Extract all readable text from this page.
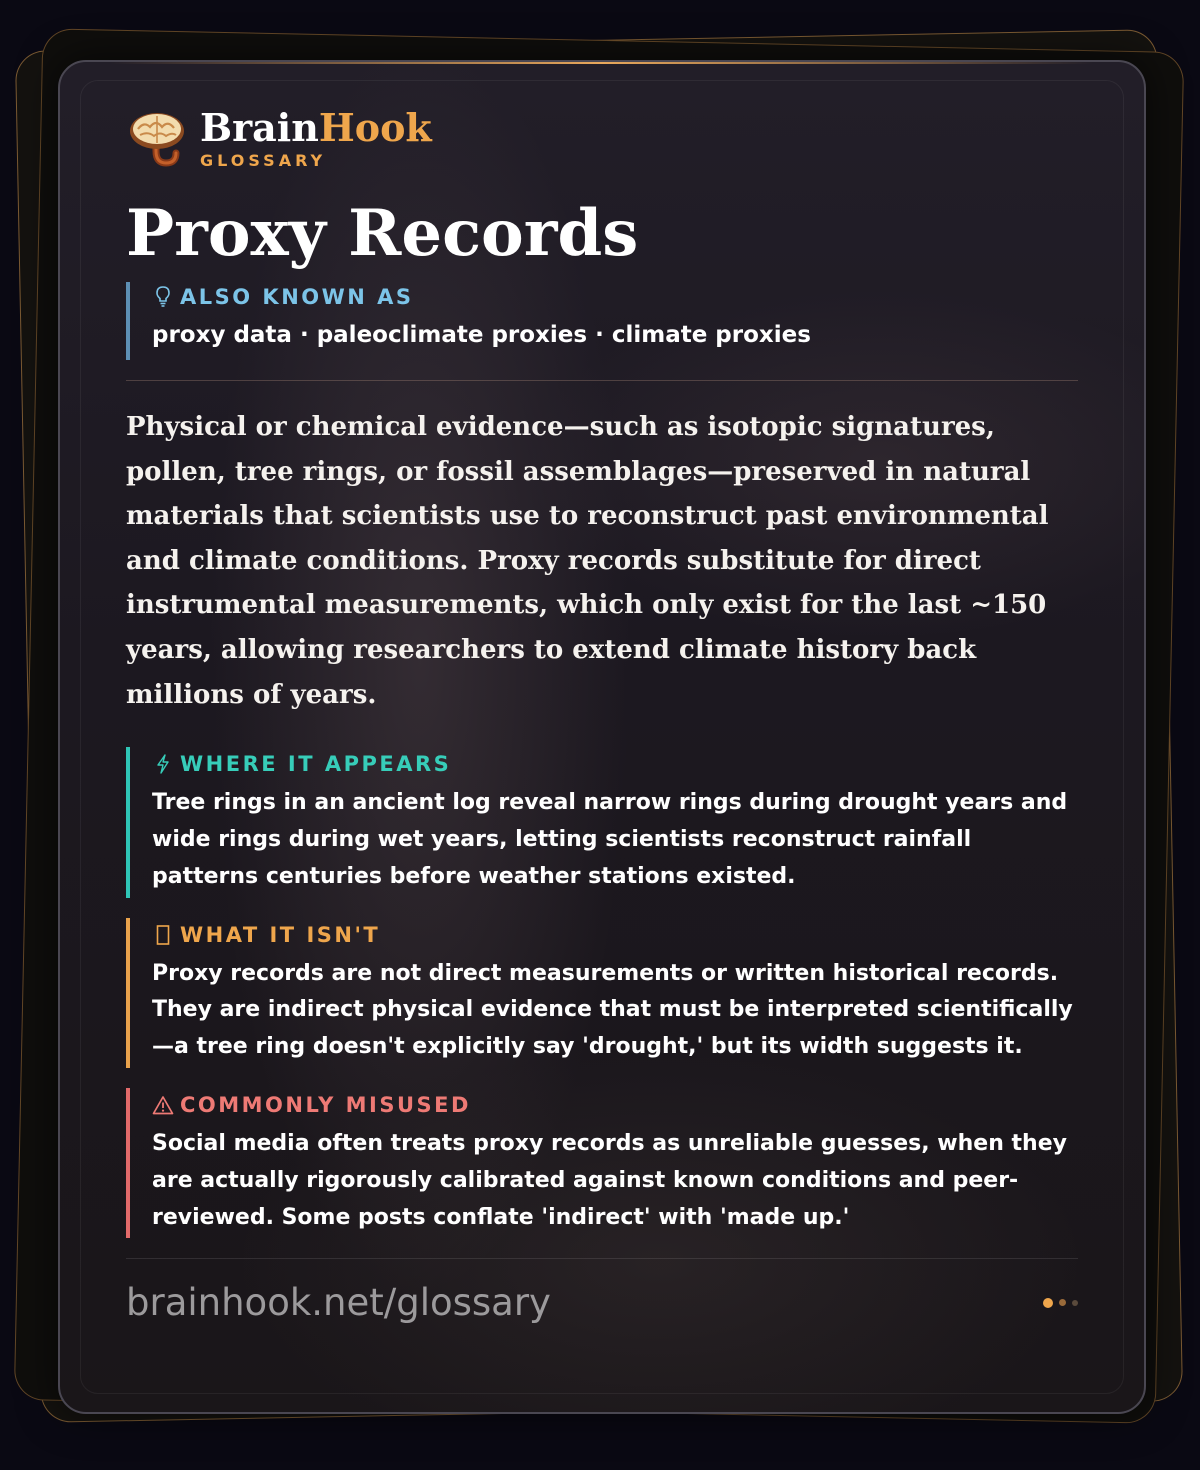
BrainHook
GLOSSARY
Proxy Records
ALSO KNOWN AS
proxy data · paleoclimate proxies · climate proxies
Physical or chemical evidence—such as isotopic signatures, pollen, tree rings, or fossil assemblages—preserved in natural materials that scientists use to reconstruct past environmental and climate conditions. Proxy records substitute for direct instrumental measurements, which only exist for the last ~150 years, allowing researchers to extend climate history back millions of years.
WHERE IT APPEARS
Tree rings in an ancient log reveal narrow rings during drought years and wide rings during wet years, letting scientists reconstruct rainfall patterns centuries before weather stations existed.
WHAT IT ISN'T
Proxy records are not direct measurements or written historical records. They are indirect physical evidence that must be interpreted scientifically—a tree ring doesn't explicitly say 'drought,' but its width suggests it.
COMMONLY MISUSED
Social media often treats proxy records as unreliable guesses, when they are actually rigorously calibrated against known conditions and peer-reviewed. Some posts conflate 'indirect' with 'made up.'
brainhook.net/glossary
